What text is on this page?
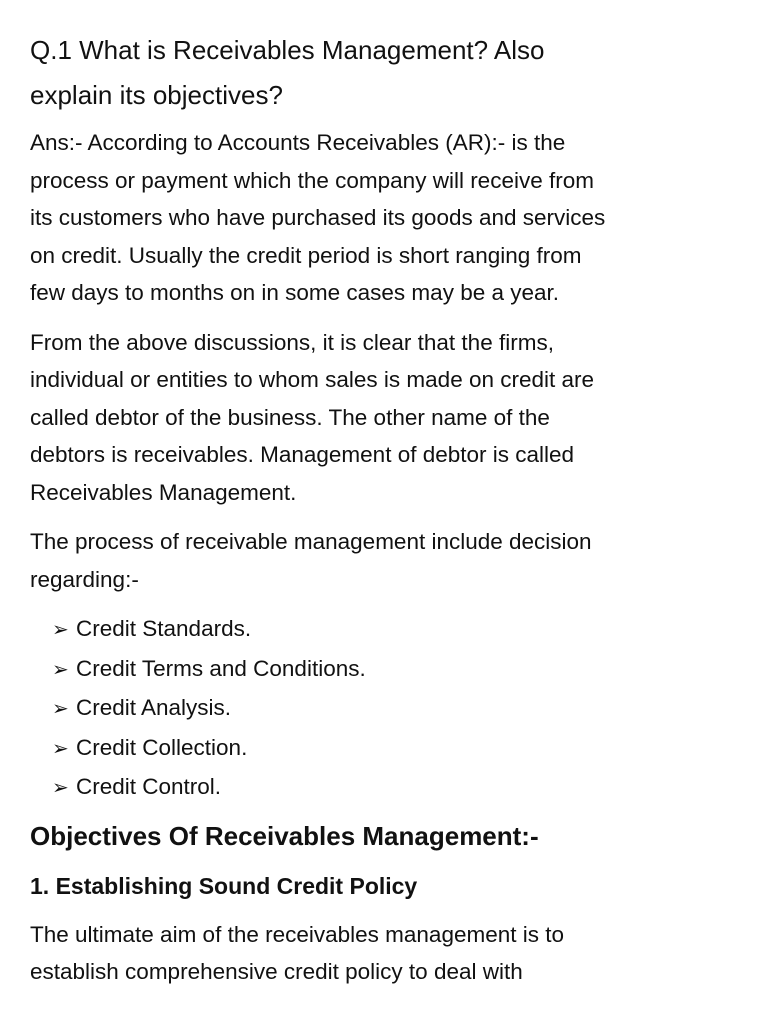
Q.1 What is Receivables Management? Also
explain its objectives?

Ans:- According to Accounts Receivables (AR):- is the
process or payment which the company will receive from
its customers who have purchased its goods and services
on credit. Usually the credit period is short ranging from
few days to months on in some cases may be a year.

From the above discussions, it is clear that the firms,
individual or entities to whom sales is made on credit are
called debtor of the business. The other name of the
debtors is receivables. Management of debtor is called
Receivables Management.

The process of receivable management include decision
regarding:-

➢ Credit Standards.
➢ Credit Terms and Conditions.
➢ Credit Analysis.
➢ Credit Collection.
➢ Credit Control.
Objectives Of Receivables Management:-
1. Establishing Sound Credit Policy

The ultimate aim of the receivables management is to
establish comprehensive credit policy to deal with
